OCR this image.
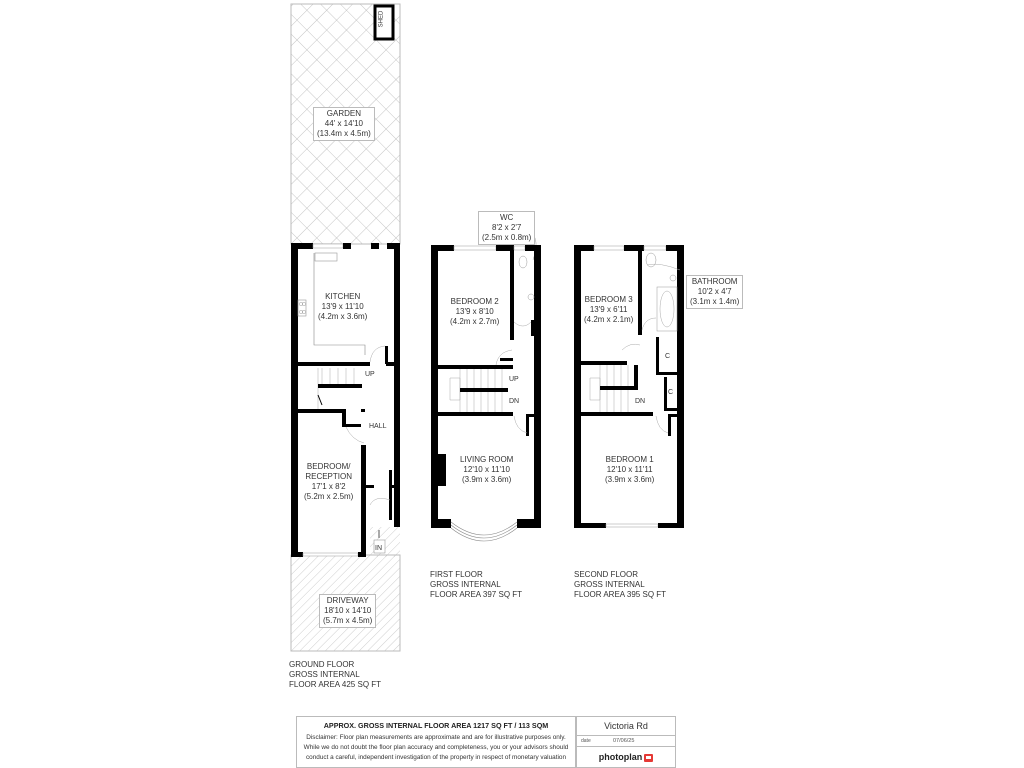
GARDEN
44' x 14'10
(13.4m x 4.5m)
SHED
KITCHEN
13'9 x 11'10
(4.2m x 3.6m)
UP
HALL
BEDROOM/
RECEPTION
17'1 x 8'2
(5.2m x 2.5m)
IN
DRIVEWAY
18'10 x 14'10
(5.7m x 4.5m)
GROUND FLOOR
GROSS INTERNAL
FLOOR AREA 425 SQ FT
WC
8'2 x 2'7
(2.5m x 0.8m)
BEDROOM 2
13'9 x 8'10
(4.2m x 2.7m)
UP
DN
LIVING ROOM
12'10 x 11'10
(3.9m x 3.6m)
FIRST FLOOR
GROSS INTERNAL
FLOOR AREA 397 SQ FT
BEDROOM 3
13'9 x 6'11
(4.2m x 2.1m)
BATHROOM
10'2 x 4'7
(3.1m x 1.4m)
C
C
DN
BEDROOM 1
12'10 x 11'11
(3.9m x 3.6m)
SECOND FLOOR
GROSS INTERNAL
FLOOR AREA 395 SQ FT
APPROX. GROSS INTERNAL FLOOR AREA 1217 SQ FT / 113 SQM
Disclaimer: Floor plan measurements are approximate and are for illustrative purposes only.
While we do not doubt the floor plan accuracy and completeness, you or your advisors should
conduct a careful, independent investigation of the property in respect of monetary valuation
Victoria Rd
date	07/06/25
photoplan
